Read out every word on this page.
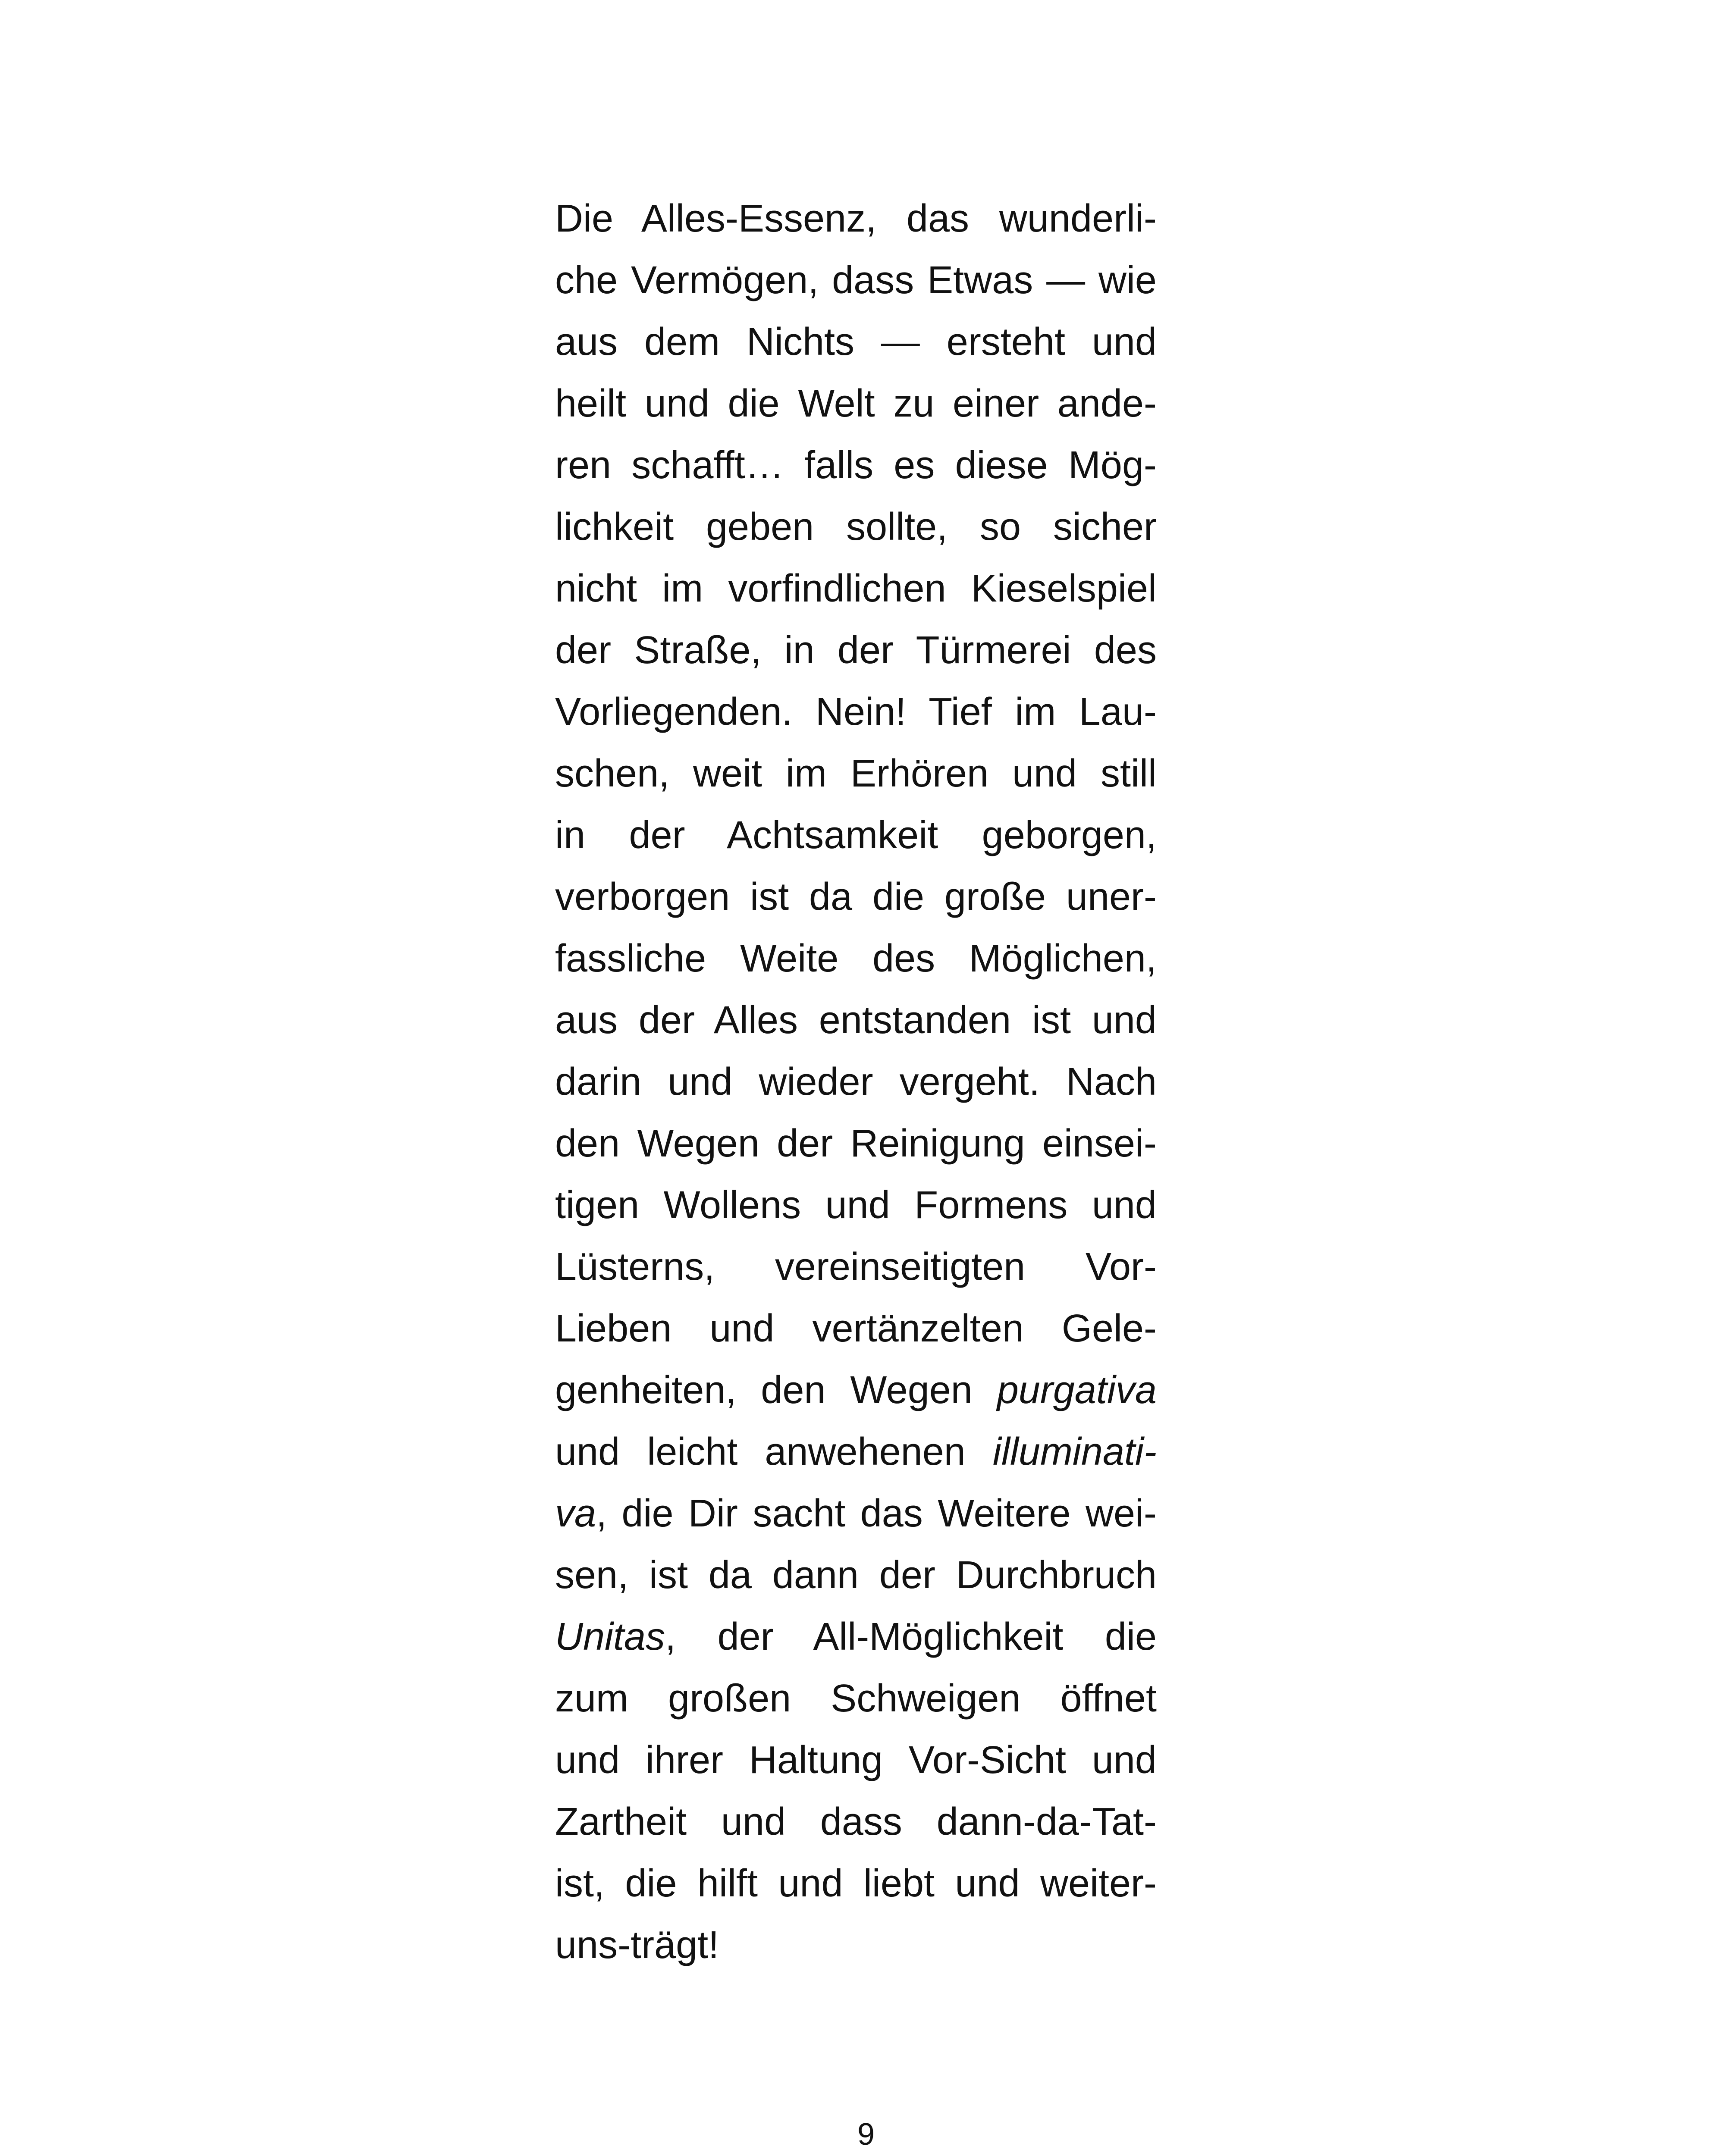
Die Alles-Essenz, das wunderli-
che Vermögen, dass Etwas — wie
aus dem Nichts — ersteht und
heilt und die Welt zu einer ande-
ren schafft… falls es diese Mög-
lichkeit geben sollte, so sicher
nicht im vorfindlichen Kieselspiel
der Straße, in der Türmerei des
Vorliegenden. Nein! Tief im Lau-
schen, weit im Erhören und still
in der Achtsamkeit geborgen,
verborgen ist da die große uner-
fassliche Weite des Möglichen,
aus der Alles entstanden ist und
darin und wieder vergeht. Nach
den Wegen der Reinigung einsei-
tigen Wollens und Formens und
Lüsterns, vereinseitigten Vor-
Lieben und vertänzelten Gele-
genheiten, den Wegen purgativa
und leicht anwehenen illuminati-
va, die Dir sacht das Weitere wei-
sen, ist da dann der Durchbruch
Unitas, der All-Möglichkeit die
zum großen Schweigen öffnet
und ihrer Haltung Vor-Sicht und
Zartheit und dass dann-da-Tat-
ist, die hilft und liebt und weiter-
uns-trägt!
9
